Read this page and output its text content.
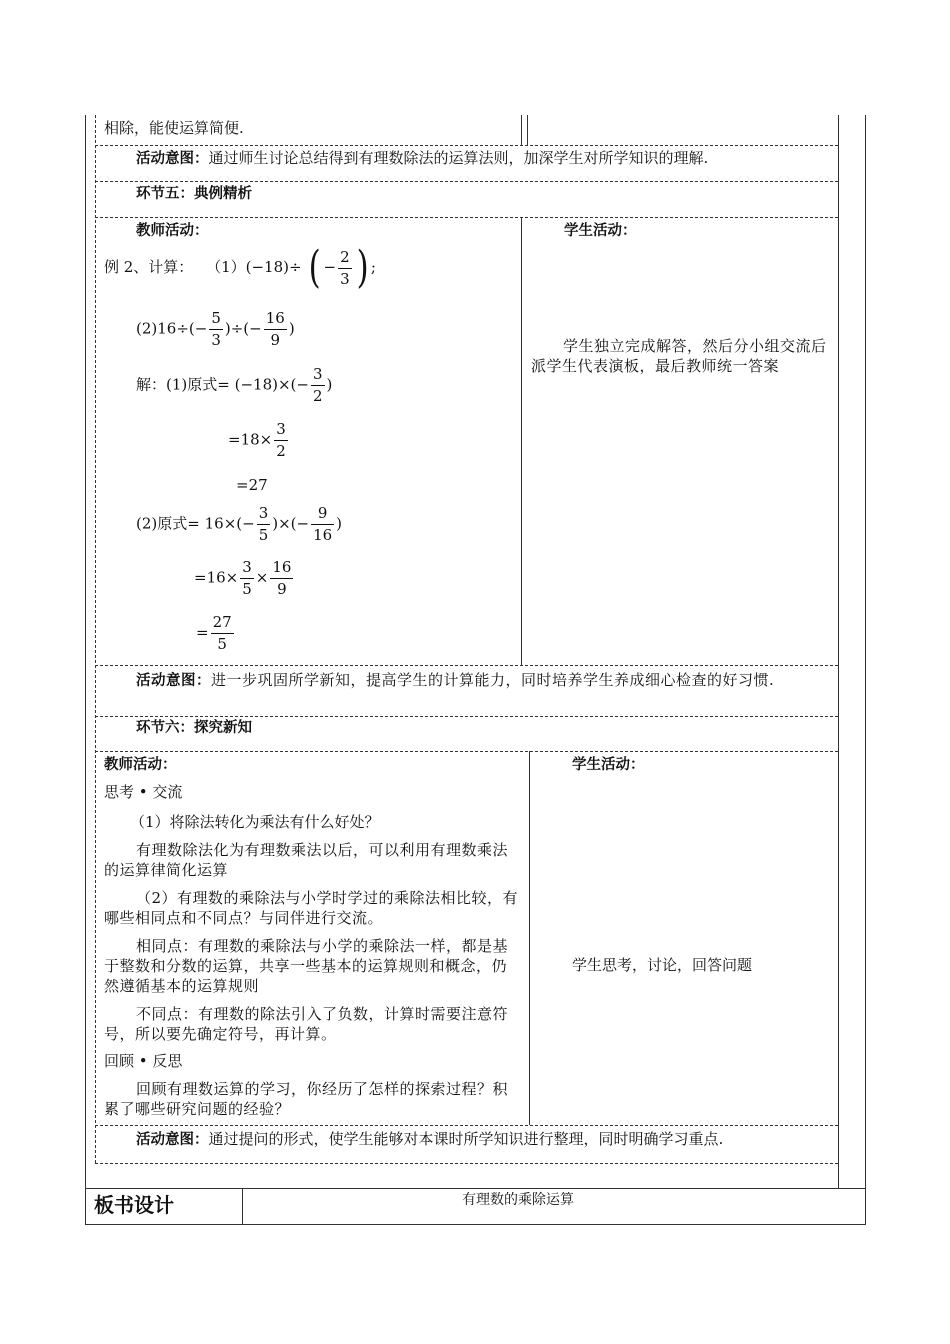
相除，能使运算简便.
活动意图：通过师生讨论总结得到有理数除法的运算法则，加深学生对所学知识的理解.
环节五：典例精析
教师活动：	学生活动：
例 2、计算： （1）(−18)÷ ( − $\frac{2}{3}$ ) ;
$(2)16\div(- \frac{5}{3}$ )÷(− $\frac{16}{9}$ )
解：(1)原式= $(-18)\times(- \frac{3}{2}$ )
$=18\times \frac{3}{2}$
=27
(2)原式= $16\times(- \frac{3}{5}$ )×(− $\frac{9}{16}$ )
$=16\times \frac{3}{5} \times \frac{16}{9}$
= $\frac{27}{5}$
学生独立完成解答，然后分小组交流后派学生代表演板，最后教师统一答案
活动意图：进一步巩固所学新知，提高学生的计算能力，同时培养学生养成细心检查的好习惯.
环节六：探究新知
教师活动：	学生活动：
思考 • 交流
（1）将除法转化为乘法有什么好处？
有理数除法化为有理数乘法以后，可以利用有理数乘法的运算律简化运算
（2）有理数的乘除法与小学时学过的乘除法相比较，有哪些相同点和不同点？与同伴进行交流。
相同点：有理数的乘除法与小学的乘除法一样，都是基于整数和分数的运算，共享一些基本的运算规则和概念，仍然遵循基本的运算规则
不同点：有理数的除法引入了负数，计算时需要注意符号，所以要先确定符号，再计算。
回顾 • 反思
回顾有理数运算的学习，你经历了怎样的探索过程？积累了哪些研究问题的经验？
学生思考，讨论，回答问题
活动意图：通过提问的形式，使学生能够对本课时所学知识进行整理，同时明确学习重点.
板书设计	有理数的乘除运算
